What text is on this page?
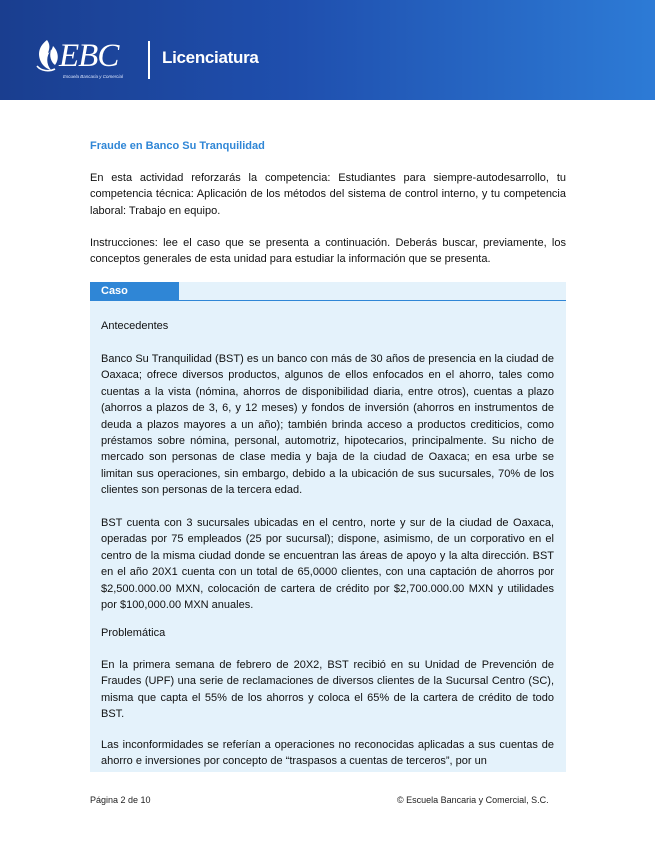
EBC
Escuela Bancaria y Comercial
Licenciatura
Fraude en Banco Su Tranquilidad
En esta actividad reforzarás la competencia: Estudiantes para siempre-autodesarrollo, tu competencia técnica: Aplicación de los métodos del sistema de control interno, y tu competencia laboral: Trabajo en equipo.
Instrucciones: lee el caso que se presenta a continuación. Deberás buscar, previamente, los conceptos generales de esta unidad para estudiar la información que se presenta.
Caso
Antecedentes
Banco Su Tranquilidad (BST) es un banco con más de 30 años de presencia en la ciudad de Oaxaca; ofrece diversos productos, algunos de ellos enfocados en el ahorro, tales como cuentas a la vista (nómina, ahorros de disponibilidad diaria, entre otros), cuentas a plazo (ahorros a plazos de 3, 6, y 12 meses) y fondos de inversión (ahorros en instrumentos de deuda a plazos mayores a un año); también brinda acceso a productos crediticios, como préstamos sobre nómina, personal, automotriz, hipotecarios, principalmente. Su nicho de mercado son personas de clase media y baja de la ciudad de Oaxaca; en esa urbe se limitan sus operaciones, sin embargo, debido a la ubicación de sus sucursales, 70% de los clientes son personas de la tercera edad.
BST cuenta con 3 sucursales ubicadas en el centro, norte y sur de la ciudad de Oaxaca, operadas por 75 empleados (25 por sucursal); dispone, asimismo, de un corporativo en el centro de la misma ciudad donde se encuentran las áreas de apoyo y la alta dirección. BST en el año 20X1 cuenta con un total de 65,0000 clientes, con una captación de ahorros por $2,500.000.00 MXN, colocación de cartera de crédito por $2,700.000.00 MXN y utilidades por $100,000.00 MXN anuales.
Problemática
En la primera semana de febrero de 20X2, BST recibió en su Unidad de Prevención de Fraudes (UPF) una serie de reclamaciones de diversos clientes de la Sucursal Centro (SC), misma que capta el 55% de los ahorros y coloca el 65% de la cartera de crédito de todo BST.
Las inconformidades se referían a operaciones no reconocidas aplicadas a sus cuentas de ahorro e inversiones por concepto de “traspasos a cuentas de terceros”, por un
Página 2 de 10	© Escuela Bancaria y Comercial, S.C.
